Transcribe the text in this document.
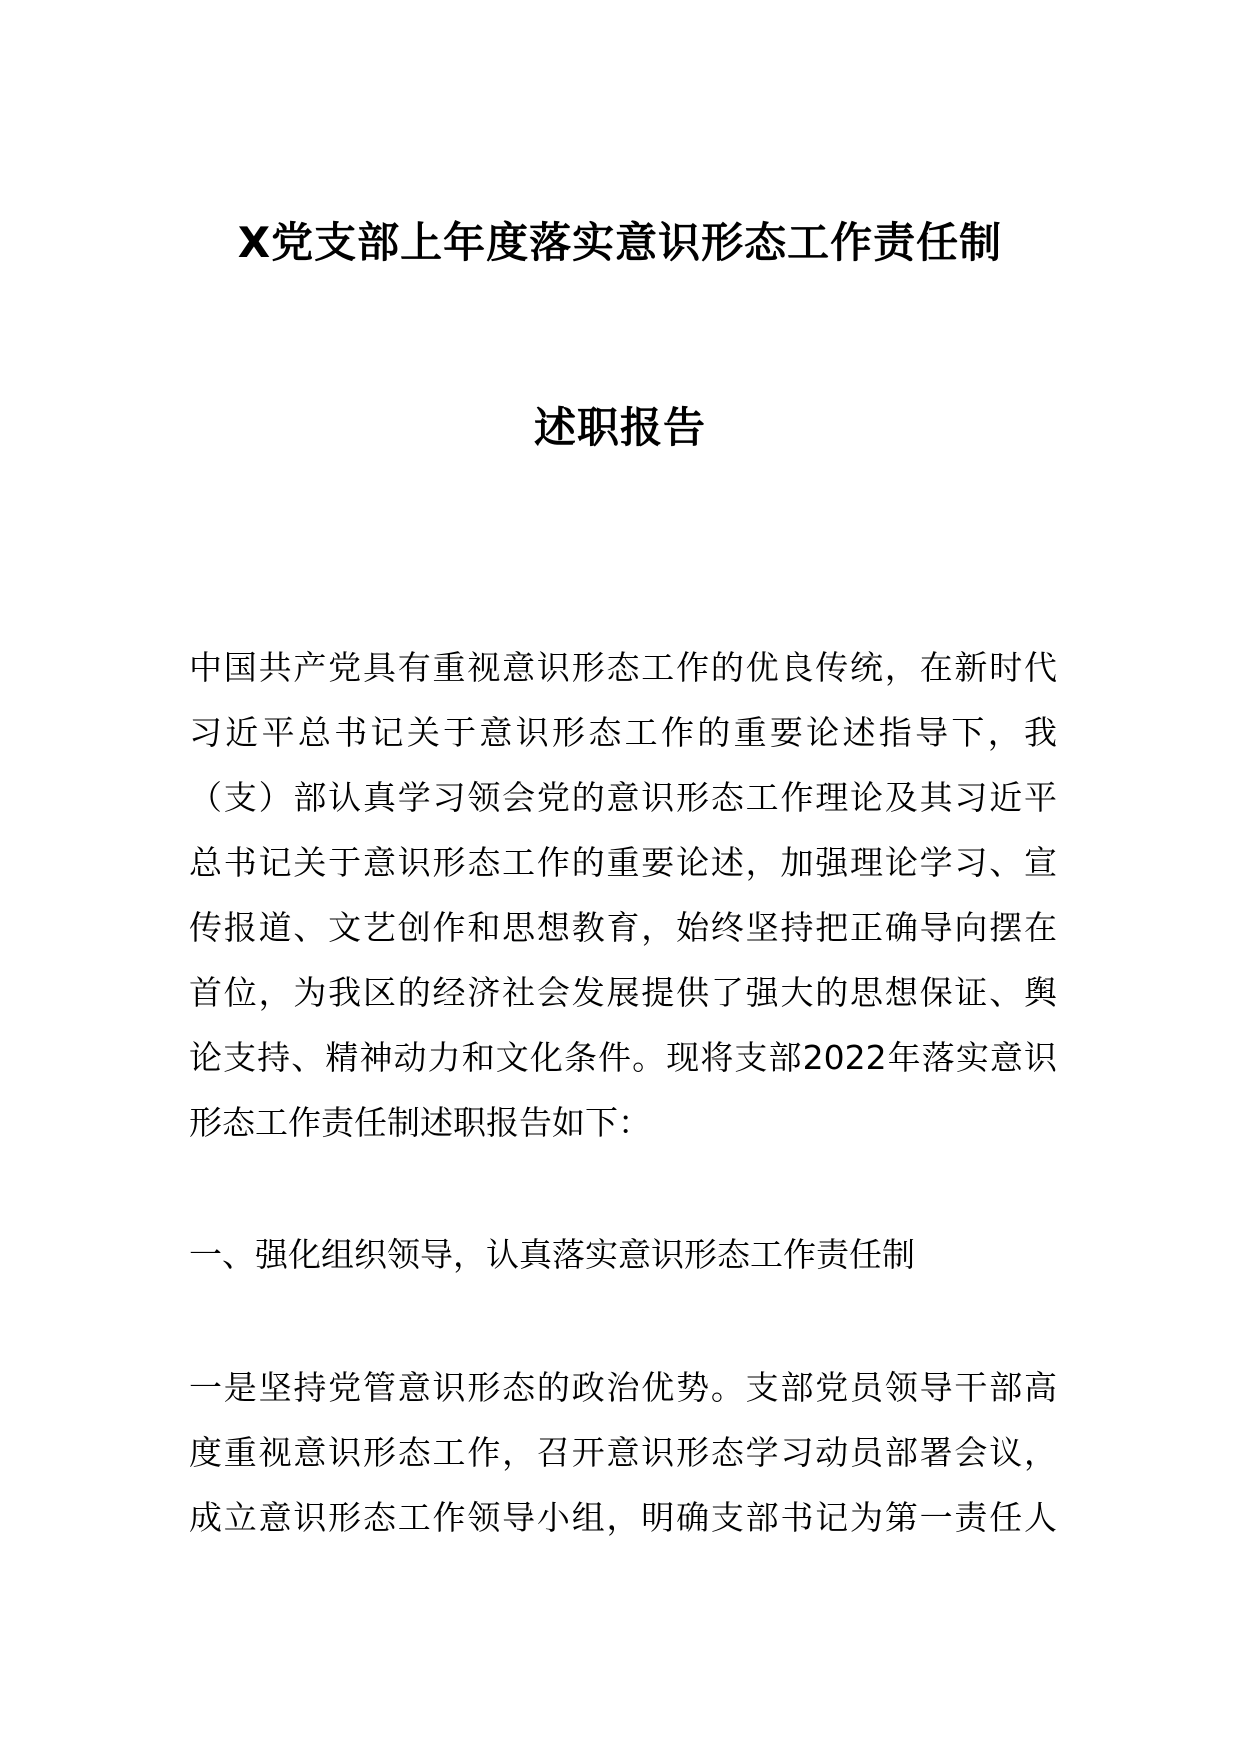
X党支部上年度落实意识形态工作责任制
述职报告
中国共产党具有重视意识形态工作的优良传统，在新时代
习近平总书记关于意识形态工作的重要论述指导下，我
（支）部认真学习领会党的意识形态工作理论及其习近平
总书记关于意识形态工作的重要论述，加强理论学习、宣
传报道、文艺创作和思想教育，始终坚持把正确导向摆在
首位，为我区的经济社会发展提供了强大的思想保证、舆
论支持、精神动力和文化条件。现将支部2022年落实意识
形态工作责任制述职报告如下：
一、强化组织领导，认真落实意识形态工作责任制
一是坚持党管意识形态的政治优势。支部党员领导干部高
度重视意识形态工作，召开意识形态学习动员部署会议，
成立意识形态工作领导小组，明确支部书记为第一责任人
